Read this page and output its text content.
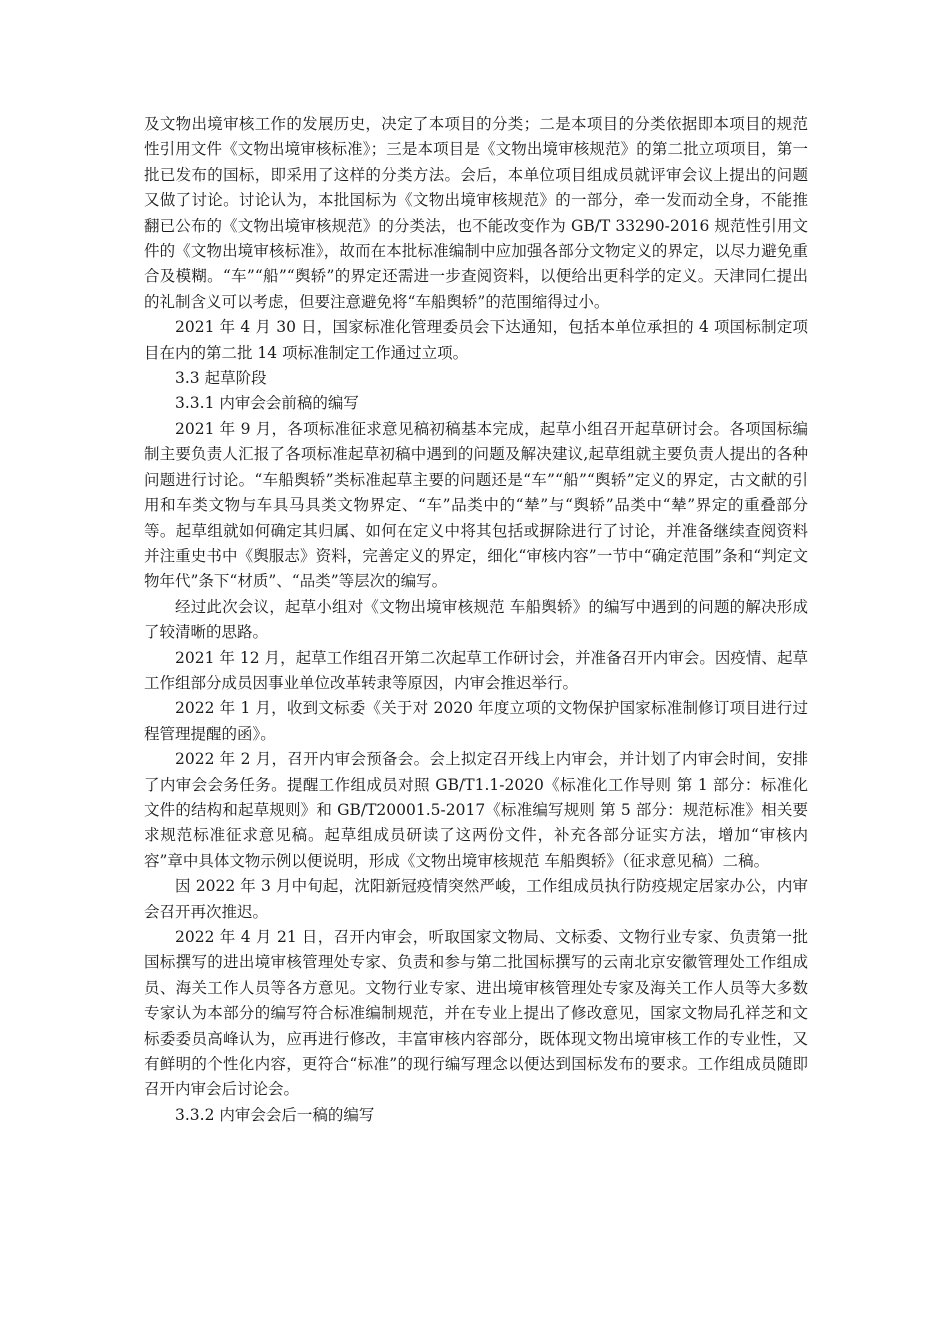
及文物出境审核工作的发展历史，决定了本项目的分类；二是本项目的分类依据即本项目的规范性引用文件《文物出境审核标准》；三是本项目是《文物出境审核规范》的第二批立项项目，第一批已发布的国标，即采用了这样的分类方法。会后，本单位项目组成员就评审会议上提出的问题又做了讨论。讨论认为，本批国标为《文物出境审核规范》的一部分，牵一发而动全身，不能推翻已公布的《文物出境审核规范》的分类法，也不能改变作为 GB/T 33290-2016 规范性引用文件的《文物出境审核标准》，故而在本批标准编制中应加强各部分文物定义的界定，以尽力避免重合及模糊。“车”“船”“舆轿”的界定还需进一步查阅资料，以便给出更科学的定义。天津同仁提出的礼制含义可以考虑，但要注意避免将“车船舆轿”的范围缩得过小。

2021 年 4 月 30 日，国家标准化管理委员会下达通知，包括本单位承担的 4 项国标制定项目在内的第二批 14 项标准制定工作通过立项。

3.3 起草阶段

3.3.1 内审会会前稿的编写

2021 年 9 月，各项标准征求意见稿初稿基本完成，起草小组召开起草研讨会。各项国标编制主要负责人汇报了各项标准起草初稿中遇到的问题及解决建议,起草组就主要负责人提出的各种问题进行讨论。“车船舆轿”类标准起草主要的问题还是“车”“船”“舆轿”定义的界定，古文献的引用和车类文物与车具马具类文物界定、“车”品类中的“辇”与“舆轿”品类中“辇”界定的重叠部分等。起草组就如何确定其归属、如何在定义中将其包括或摒除进行了讨论，并准备继续查阅资料并注重史书中《舆服志》资料，完善定义的界定，细化“审核内容”一节中“确定范围”条和“判定文物年代”条下“材质”、“品类”等层次的编写。

经过此次会议，起草小组对《文物出境审核规范 车船舆轿》的编写中遇到的问题的解决形成了较清晰的思路。

2021 年 12 月，起草工作组召开第二次起草工作研讨会，并准备召开内审会。因疫情、起草工作组部分成员因事业单位改革转隶等原因，内审会推迟举行。

2022 年 1 月，收到文标委《关于对 2020 年度立项的文物保护国家标准制修订项目进行过程管理提醒的函》。

2022 年 2 月，召开内审会预备会。会上拟定召开线上内审会，并计划了内审会时间，安排了内审会会务任务。提醒工作组成员对照 GB/T1.1-2020《标准化工作导则 第 1 部分：标准化文件的结构和起草规则》和 GB/T20001.5-2017《标准编写规则 第 5 部分：规范标准》相关要求规范标准征求意见稿。起草组成员研读了这两份文件，补充各部分证实方法，增加“审核内容”章中具体文物示例以便说明，形成《文物出境审核规范 车船舆轿》（征求意见稿）二稿。

因 2022 年 3 月中旬起，沈阳新冠疫情突然严峻，工作组成员执行防疫规定居家办公，内审会召开再次推迟。

2022 年 4 月 21 日，召开内审会，听取国家文物局、文标委、文物行业专家、负责第一批国标撰写的进出境审核管理处专家、负责和参与第二批国标撰写的云南北京安徽管理处工作组成员、海关工作人员等各方意见。文物行业专家、进出境审核管理处专家及海关工作人员等大多数专家认为本部分的编写符合标准编制规范，并在专业上提出了修改意见，国家文物局孔祥芝和文标委委员高峰认为，应再进行修改，丰富审核内容部分，既体现文物出境审核工作的专业性，又有鲜明的个性化内容，更符合“标准”的现行编写理念以便达到国标发布的要求。工作组成员随即召开内审会后讨论会。

3.3.2 内审会会后一稿的编写
